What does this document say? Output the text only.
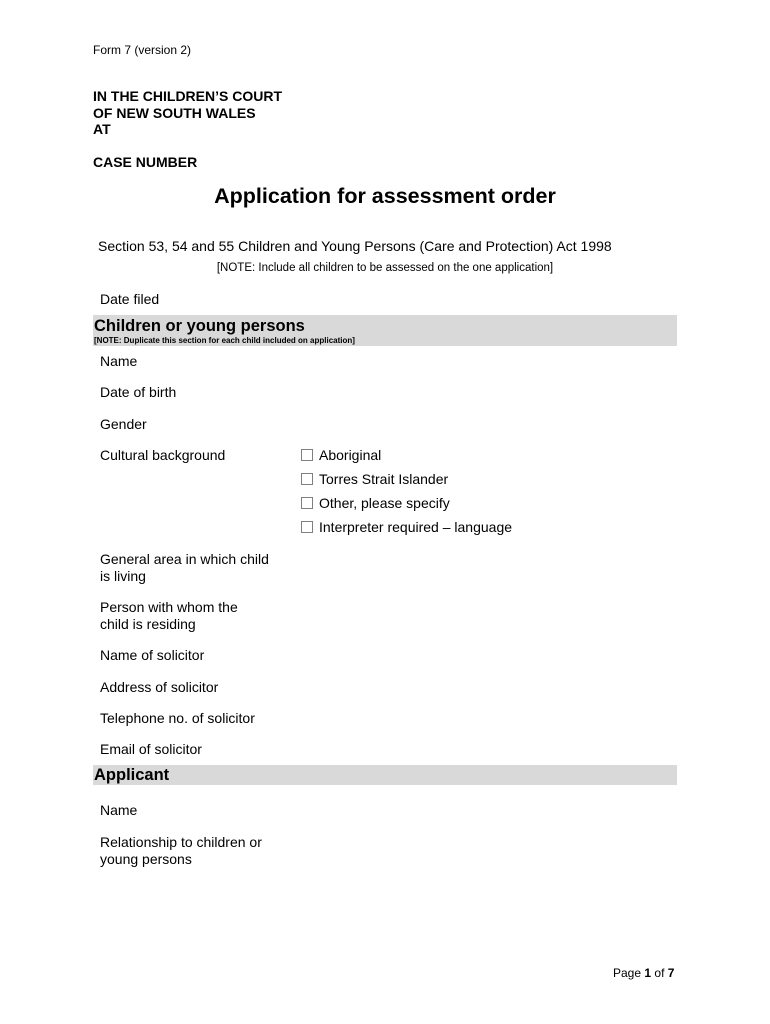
Form 7 (version 2)
IN THE CHILDREN’S COURT
OF NEW SOUTH WALES
AT
CASE NUMBER
Application for assessment order
Section 53, 54 and 55 Children and Young Persons (Care and Protection) Act 1998
[NOTE: Include all children to be assessed on the one application]
Date filed
Children or young persons
[NOTE: Duplicate this section for each child included on application]
Name
Date of birth
Gender
Cultural background	Aboriginal
Torres Strait Islander
Other, please specify
Interpreter required – language
General area in which child
is living
Person with whom the
child is residing
Name of solicitor
Address of solicitor
Telephone no. of solicitor
Email of solicitor
Applicant
Name
Relationship to children or
young persons
Page 1 of 7
